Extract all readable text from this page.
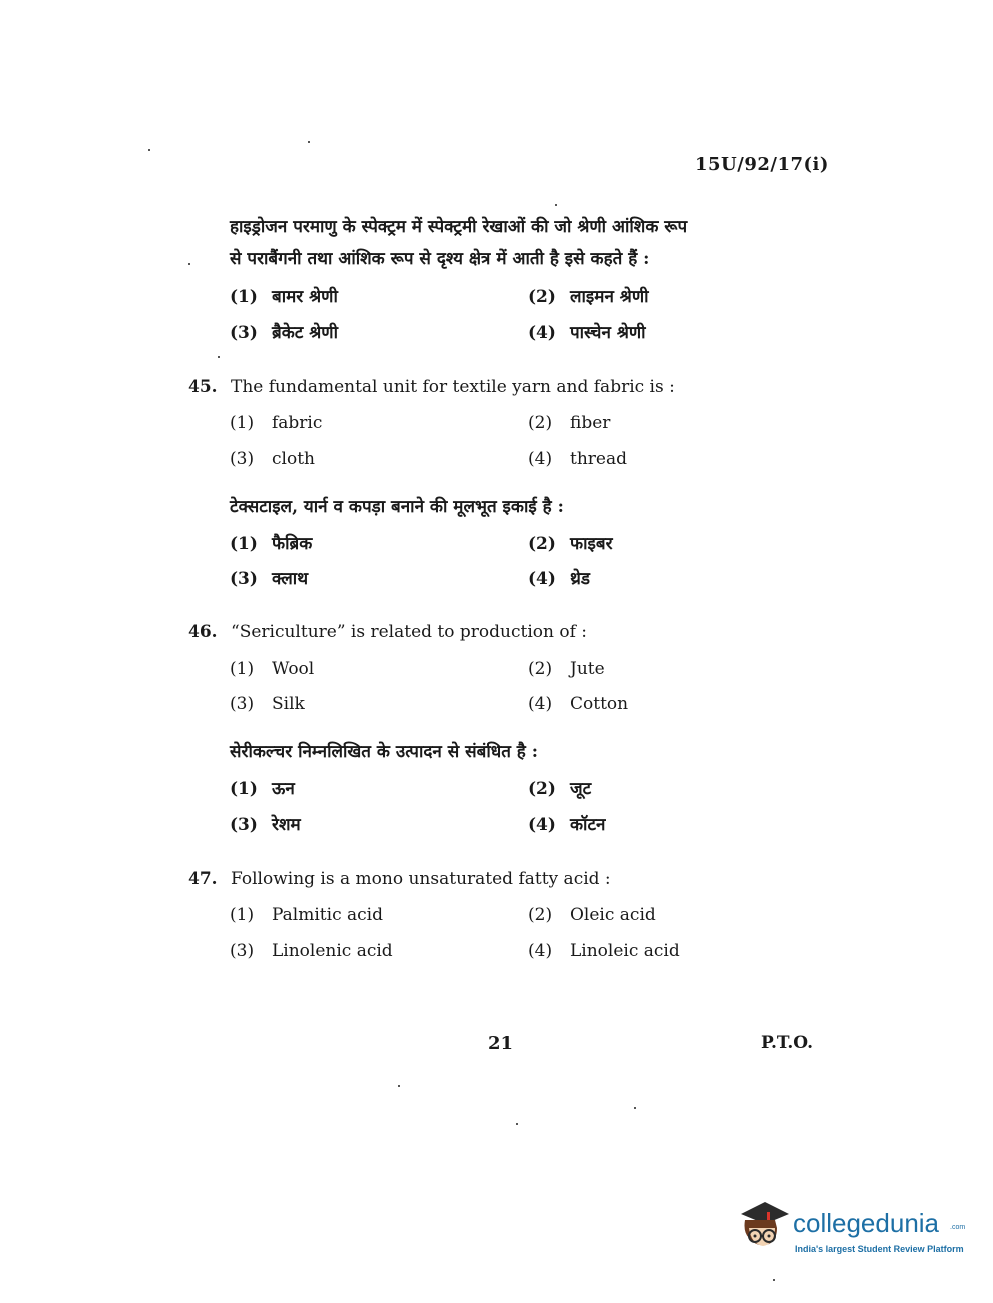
15U/92/17(i)
हाइड्रोजन परमाणु के स्पेक्ट्रम में स्पेक्ट्रमी रेखाओं की जो श्रेणी आंशिक रूप
से पराबैंगनी तथा आंशिक रूप से दृश्य क्षेत्र में आती है इसे कहते हैं :
(1) बामर श्रेणी	(2) लाइमन श्रेणी
(3) ब्रैकेट श्रेणी	(4) पास्चेन श्रेणी
45. The fundamental unit for textile yarn and fabric is :
(1) fabric	(2) fiber
(3) cloth	(4) thread
टेक्सटाइल, यार्न व कपड़ा बनाने की मूलभूत इकाई है :
(1) फैब्रिक	(2) फाइबर
(3) क्लाथ	(4) थ्रेड
46. “Sericulture” is related to production of :
(1) Wool	(2) Jute
(3) Silk	(4) Cotton
सेरीकल्चर निम्नलिखित के उत्पादन से संबंधित है :
(1) ऊन	(2) जूट
(3) रेशम	(4) कॉटन
47. Following is a mono unsaturated fatty acid :
(1) Palmitic acid	(2) Oleic acid
(3) Linolenic acid	(4) Linoleic acid
21	P.T.O.
collegedunia .com
India's largest Student Review Platform
